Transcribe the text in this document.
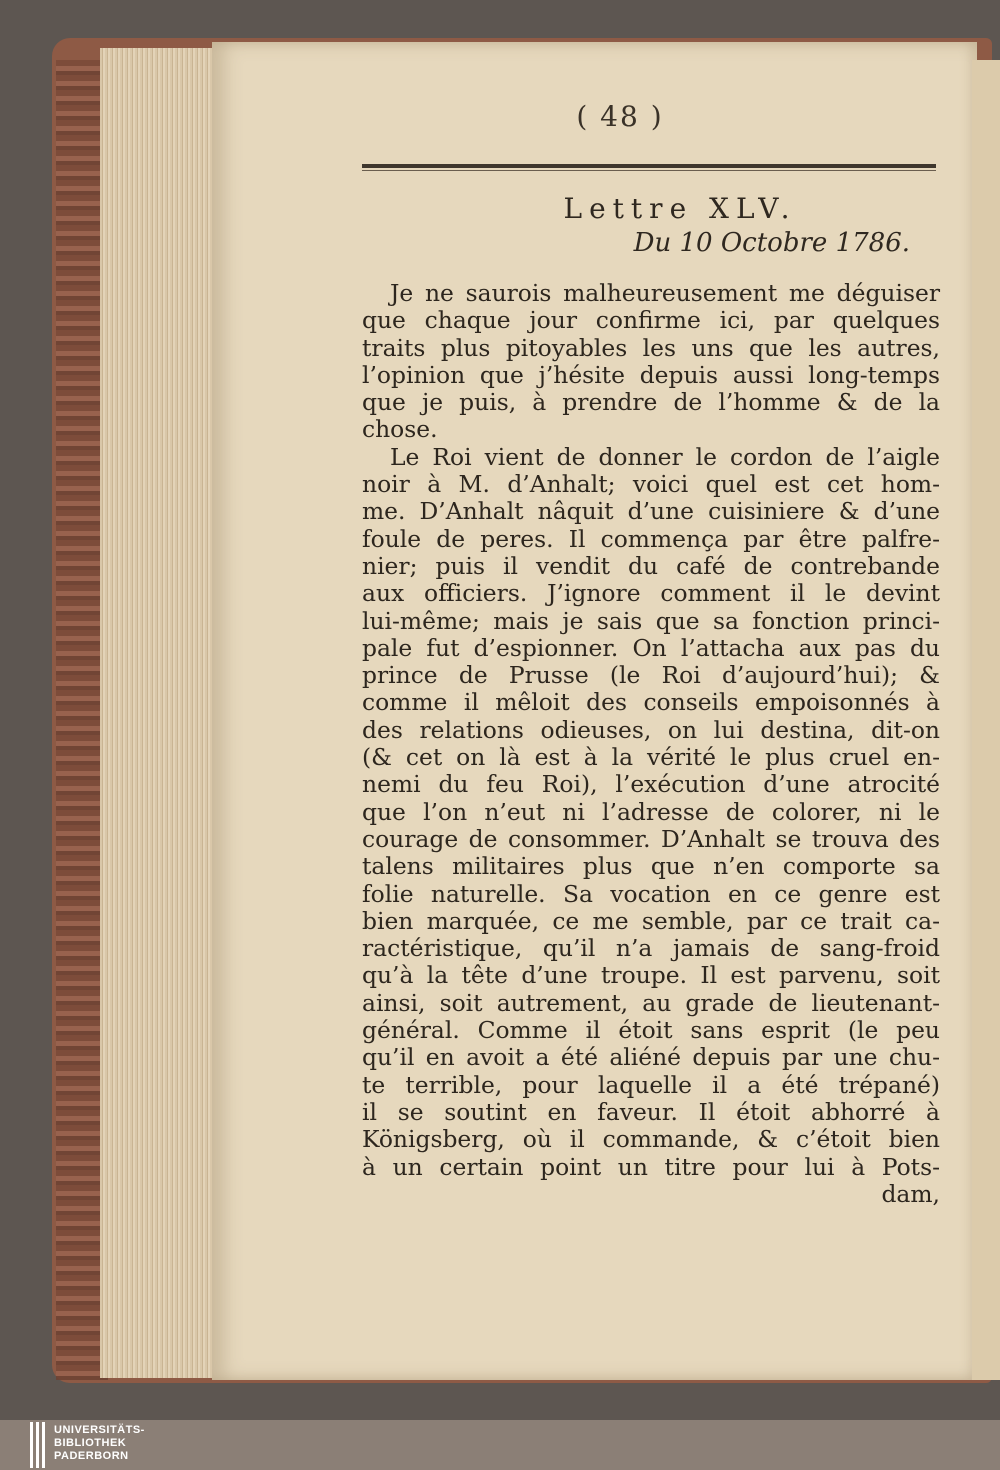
( 48 )
Lettre XLV.
Du 10 Octobre 1786.
Je ne saurois malheureusement me déguiser
que chaque jour confirme ici, par quelques
traits plus pitoyables les uns que les autres,
l’opinion que j’hésite depuis aussi long-temps
que je puis, à prendre de l’homme & de la
chose.
Le Roi vient de donner le cordon de l’aigle
noir à M. d’Anhalt; voici quel est cet hom-
me. D’Anhalt nâquit d’une cuisiniere & d’une
foule de peres. Il commença par être palfre-
nier; puis il vendit du café de contrebande
aux officiers. J’ignore comment il le devint
lui-même; mais je sais que sa fonction princi-
pale fut d’espionner. On l’attacha aux pas du
prince de Prusse (le Roi d’aujourd’hui); &
comme il mêloit des conseils empoisonnés à
des relations odieuses, on lui destina, dit-on
(& cet on là est à la vérité le plus cruel en-
nemi du feu Roi), l’exécution d’une atrocité
que l’on n’eut ni l’adresse de colorer, ni le
courage de consommer. D’Anhalt se trouva des
talens militaires plus que n’en comporte sa
folie naturelle. Sa vocation en ce genre est
bien marquée, ce me semble, par ce trait ca-
ractéristique, qu’il n’a jamais de sang-froid
qu’à la tête d’une troupe. Il est parvenu, soit
ainsi, soit autrement, au grade de lieutenant-
général. Comme il étoit sans esprit (le peu
qu’il en avoit a été aliéné depuis par une chu-
te terrible, pour laquelle il a été trépané)
il se soutint en faveur. Il étoit abhorré à
Königsberg, où il commande, & c’étoit bien
à un certain point un titre pour lui à Pots-
dam,
UNIVERSITÄTS-
BIBLIOTHEK
PADERBORN
